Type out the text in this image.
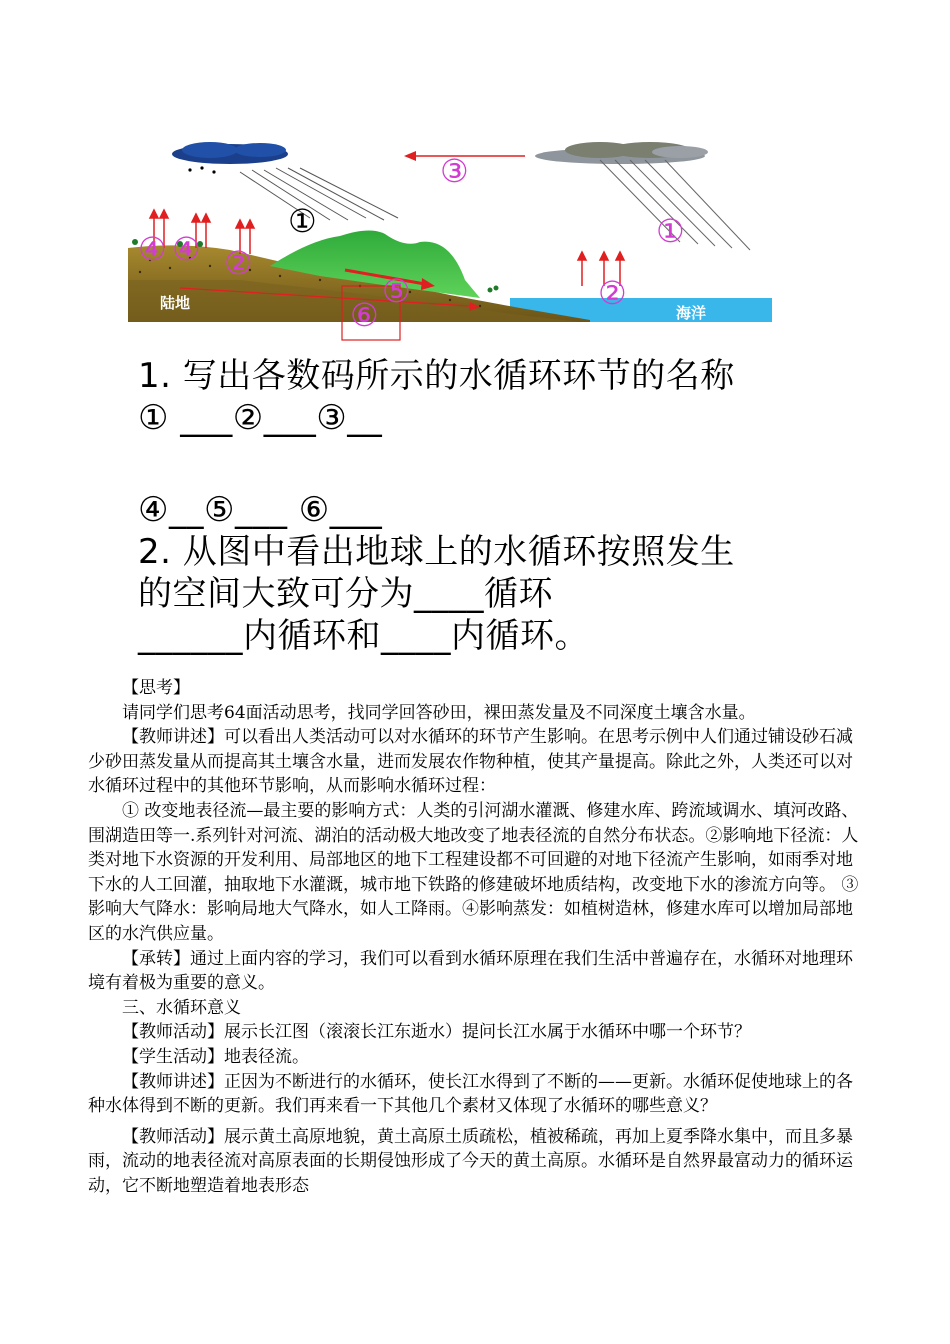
①	①
②
②
③
④ ④
⑤
⑥
陆地
海洋
1. 写出各数码所示的水循环环节的名称
① ___②___③__
④__⑤___ ⑥___
2. 从图中看出地球上的水循环按照发生
的空间大致可分为____循环
______内循环和____内循环。

【思考】

请同学们思考64面活动思考，找同学回答砂田，裸田蒸发量及不同深度土壤含水量。

【教师讲述】可以看出人类活动可以对水循环的环节产生影响。在思考示例中人们通过铺设砂石减少砂田蒸发量从而提高其土壤含水量，进而发展农作物种植，使其产量提高。除此之外，人类还可以对水循环过程中的其他环节影响，从而影响水循环过程：

① 改变地表径流—最主要的影响方式：人类的引河湖水灌溉、修建水库、跨流域调水、填河改路、围湖造田等一.系列针对河流、湖泊的活动极大地改变了地表径流的自然分布状态。②影响地下径流：人类对地下水资源的开发利用、局部地区的地下工程建设都不可回避的对地下径流产生影响，如雨季对地下水的人工回灌，抽取地下水灌溉，城市地下铁路的修建破坏地质结构，改变地下水的渗流方向等。 ③影响大气降水：影响局地大气降水，如人工降雨。④影响蒸发：如植树造林，修建水库可以增加局部地区的水汽供应量。

【承转】通过上面内容的学习，我们可以看到水循环原理在我们生活中普遍存在，水循环对地理环境有着极为重要的意义。

三、水循环意义

【教师活动】展示长江图（滚滚长江东逝水）提问长江水属于水循环中哪一个环节？

【学生活动】地表径流。

【教师讲述】正因为不断进行的水循环，使长江水得到了不断的——更新。水循环促使地球上的各种水体得到不断的更新。我们再来看一下其他几个素材又体现了水循环的哪些意义？

【教师活动】展示黄土高原地貌，黄土高原土质疏松，植被稀疏，再加上夏季降水集中，而且多暴雨，流动的地表径流对高原表面的长期侵蚀形成了今天的黄土高原。水循环是自然界最富动力的循环运动，它不断地塑造着地表形态
